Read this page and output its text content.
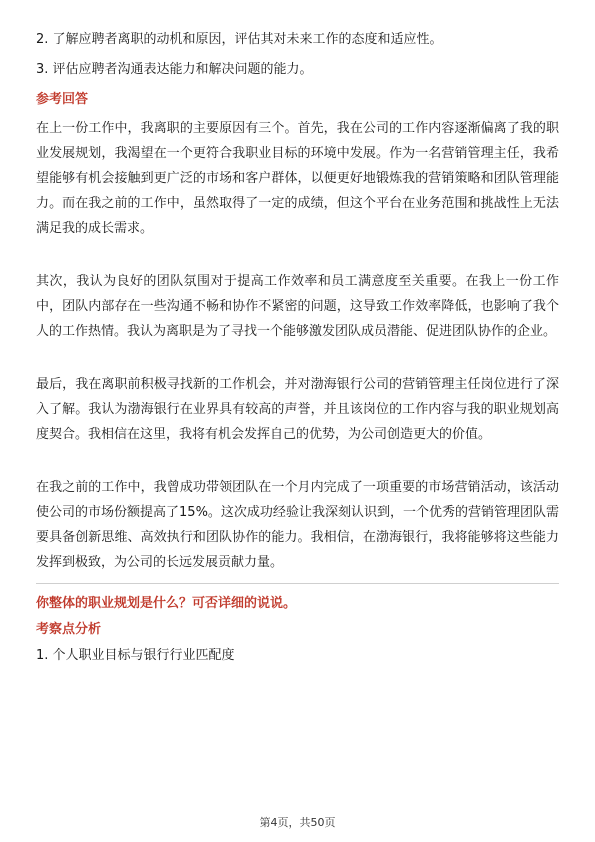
2. 了解应聘者离职的动机和原因，评估其对未来工作的态度和适应性。
3. 评估应聘者沟通表达能力和解决问题的能力。
参考回答

在上一份工作中，我离职的主要原因有三个。首先，我在公司的工作内容逐渐偏离了我的职业发展规划，我渴望在一个更符合我职业目标的环境中发展。作为一名营销管理主任，我希望能够有机会接触到更广泛的市场和客户群体，以便更好地锻炼我的营销策略和团队管理能力。而在我之前的工作中，虽然取得了一定的成绩，但这个平台在业务范围和挑战性上无法满足我的成长需求。

其次，我认为良好的团队氛围对于提高工作效率和员工满意度至关重要。在我上一份工作中，团队内部存在一些沟通不畅和协作不紧密的问题，这导致工作效率降低，也影响了我个人的工作热情。我认为离职是为了寻找一个能够激发团队成员潜能、促进团队协作的企业。

最后，我在离职前积极寻找新的工作机会，并对渤海银行公司的营销管理主任岗位进行了深入了解。我认为渤海银行在业界具有较高的声誉，并且该岗位的工作内容与我的职业规划高度契合。我相信在这里，我将有机会发挥自己的优势，为公司创造更大的价值。

在我之前的工作中，我曾成功带领团队在一个月内完成了一项重要的市场营销活动，该活动使公司的市场份额提高了15%。这次成功经验让我深刻认识到，一个优秀的营销管理团队需要具备创新思维、高效执行和团队协作的能力。我相信，在渤海银行，我将能够将这些能力发挥到极致，为公司的长远发展贡献力量。

你整体的职业规划是什么？可否详细的说说。
考察点分析
1. 个人职业目标与银行行业匹配度
第4页，共50页
